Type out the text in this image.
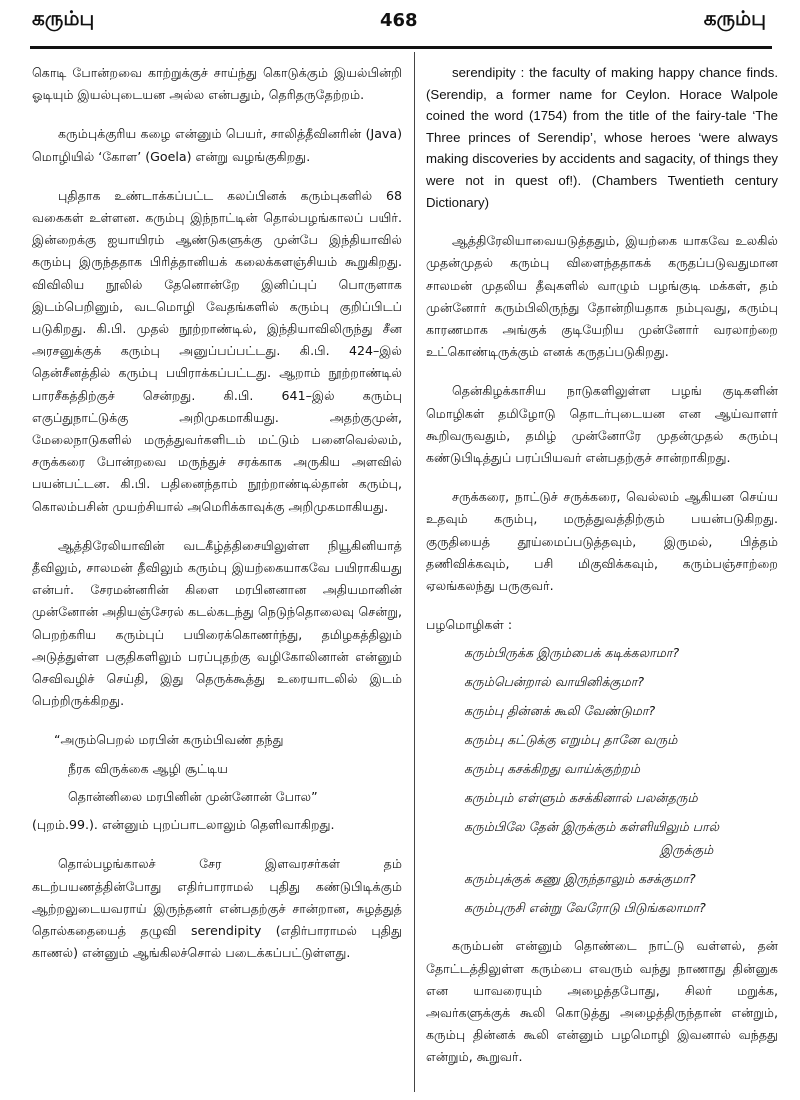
கரும்பு	468	கரும்பு

கொடி போன்றவை காற்றுக்குச் சாய்ந்து கொடுக்கும் இயல்பின்றி ஓடியும் இயல்புடையன அல்ல என்பதும், தெரிதருதேற்றம்.

கரும்புக்குரிய கழை என்னும் பெயர், சாலித்தீவினரின் (Java) மொழியில் ‘கோள’ (Goela) என்று வழங்குகிறது.

புதிதாக உண்டாக்கப்பட்ட கலப்பினக் கரும்புகளில் 68 வகைகள் உள்ளன. கரும்பு இந்நாட்டின் தொல்பழங்காலப் பயிர். இன்றைக்கு ஐயாயிரம் ஆண்டுகளுக்கு முன்பே இந்தியாவில் கரும்பு இருந்ததாக பிரித்தானியக் கலைக்களஞ்சியம் கூறுகிறது. விவிலிய நூலில் தேனொன்றே இனிப்புப் பொருளாக இடம்பெறினும், வடமொழி வேதங்களில் கரும்பு குறிப்பிடப் படுகிறது. கி.பி. முதல் நூற்றாண்டில், இந்தியாவிலிருந்து சீன அரசனுக்குக் கரும்பு அனுப்பப்பட்டது. கி.பி. 424–இல் தென்சீனத்தில் கரும்பு பயிராக்கப்பட்டது. ஆறாம் நூற்றாண்டில் பாரசீகத்திற்குச் சென்றது. கி.பி. 641–இல் கரும்பு எகுப்துநாட்டுக்கு அறிமுகமாகியது. அதற்குமுன், மேலைநாடுகளில் மருத்துவர்களிடம் மட்டும் பனைவெல்லம், சருக்கரை போன்றவை மருந்துச் சரக்காக அருகிய அளவில் பயன்பட்டன. கி.பி. பதினைந்தாம் நூற்றாண்டில்தான் கரும்பு, கொலம்பசின் முயற்சியால் அமெரிக்காவுக்கு அறிமுகமாகியது.

ஆத்திரேலியாவின் வடகீழ்த்திசையிலுள்ள நியூகினியாத் தீவிலும், சாலமன் தீவிலும் கரும்பு இயற்கையாகவே பயிராகியது என்பர். சேரமன்னரின் கிளை மரபினனான அதியமானின் முன்னோன் அதியஞ்சேரல் கடல்கடந்து நெடுந்தொலைவு சென்று, பெறற்கரிய கரும்புப் பயிரைக்கொணர்ந்து, தமிழகத்திலும் அடுத்துள்ள பகுதிகளிலும் பரப்புதற்கு வழிகோலினான் என்னும் செவிவழிச் செய்தி, இது தெருக்கூத்து உரையாடலில் இடம் பெற்றிருக்கிறது.

“அரும்பெறல் மரபின் கரும்பிவண் தந்து
நீரக விருக்கை ஆழி சூட்டிய
தொன்னிலை மரபினின் முன்னோன் போல”

(புறம்.99.). என்னும் புறப்பாடலாலும் தெளிவாகிறது.

தொல்பழங்காலச் சேர இளவரசர்கள் தம் கடற்பயணத்தின்போது எதிர்பாராமல் புதிது கண்டுபிடிக்கும் ஆற்றலுடையவராய் இருந்தனர் என்பதற்குச் சான்றான, சுழத்துத் தொல்கதையைத் தழுவி serendipity (எதிர்பாராமல் புதிது காணல்) என்னும் ஆங்கிலச்சொல் படைக்கப்பட்டுள்ளது.

serendipity : the faculty of making happy chance finds. (Serendip, a former name for Ceylon. Horace Walpole coined the word (1754) from the title of the fairy-tale ‘The Three princes of Serendip’, whose heroes ‘were always making discoveries by accidents and sagacity, of things they were not in quest of!). (Chambers Twentieth century Dictionary)

ஆத்திரேலியாவையடுத்ததும், இயற்கை யாகவே உலகில் முதன்முதல் கரும்பு விளைந்ததாகக் கருதப்படுவதுமான சாலமன் முதலிய தீவுகளில் வாழும் பழங்குடி மக்கள், தம் முன்னோர் கரும்பிலிருந்து தோன்றியதாக நம்புவது, கரும்பு காரணமாக அங்குக் குடியேறிய முன்னோர் வரலாற்றை உட்கொண்டிருக்கும் எனக் கருதப்படுகிறது.

தென்கிழக்காசிய நாடுகளிலுள்ள பழங் குடிகளின் மொழிகள் தமிழோடு தொடர்புடையன என ஆய்வாளர் கூறிவருவதும், தமிழ் முன்னோரே முதன்முதல் கரும்பு கண்டுபிடித்துப் பரப்பியவர் என்பதற்குச் சான்றாகிறது.

சருக்கரை, நாட்டுச் சருக்கரை, வெல்லம் ஆகியன செய்ய உதவும் கரும்பு, மருத்துவத்திற்கும் பயன்படுகிறது. குருதியைத் தூய்மைப்படுத்தவும், இருமல், பித்தம் தணிவிக்கவும், பசி மிகுவிக்கவும், கரும்பஞ்சாற்றை ஏலங்கலந்து பருகுவர்.

பழமொழிகள் :
கரும்பிருக்க இரும்பைக் கடிக்கலாமா?
கரும்பென்றால் வாயினிக்குமா?
கரும்பு தின்னக் கூலி வேண்டுமா?
கரும்பு கட்டுக்கு எறும்பு தானே வரும்
கரும்பு கசக்கிறது வாய்க்குற்றம்
கரும்பும் எள்ளும் கசக்கினால் பலன்தரும்
கரும்பிலே தேன் இருக்கும் கள்ளியிலும் பால்
இருக்கும்
கரும்புக்குக் கணு இருந்தாலும் கசக்குமா?
கரும்புருசி என்று வேரோடு பிடுங்கலாமா?

கரும்பன் என்னும் தொண்டை நாட்டு வள்ளல், தன் தோட்டத்திலுள்ள கரும்பை எவரும் வந்து நாணாது தின்னுக என யாவரையும் அழைத்தபோது, சிலர் மறுக்க, அவர்களுக்குக் கூலி கொடுத்து அழைத்திருந்தான் என்றும், கரும்பு தின்னக் கூலி என்னும் பழமொழி இவனால் வந்தது என்றும், கூறுவர்.
